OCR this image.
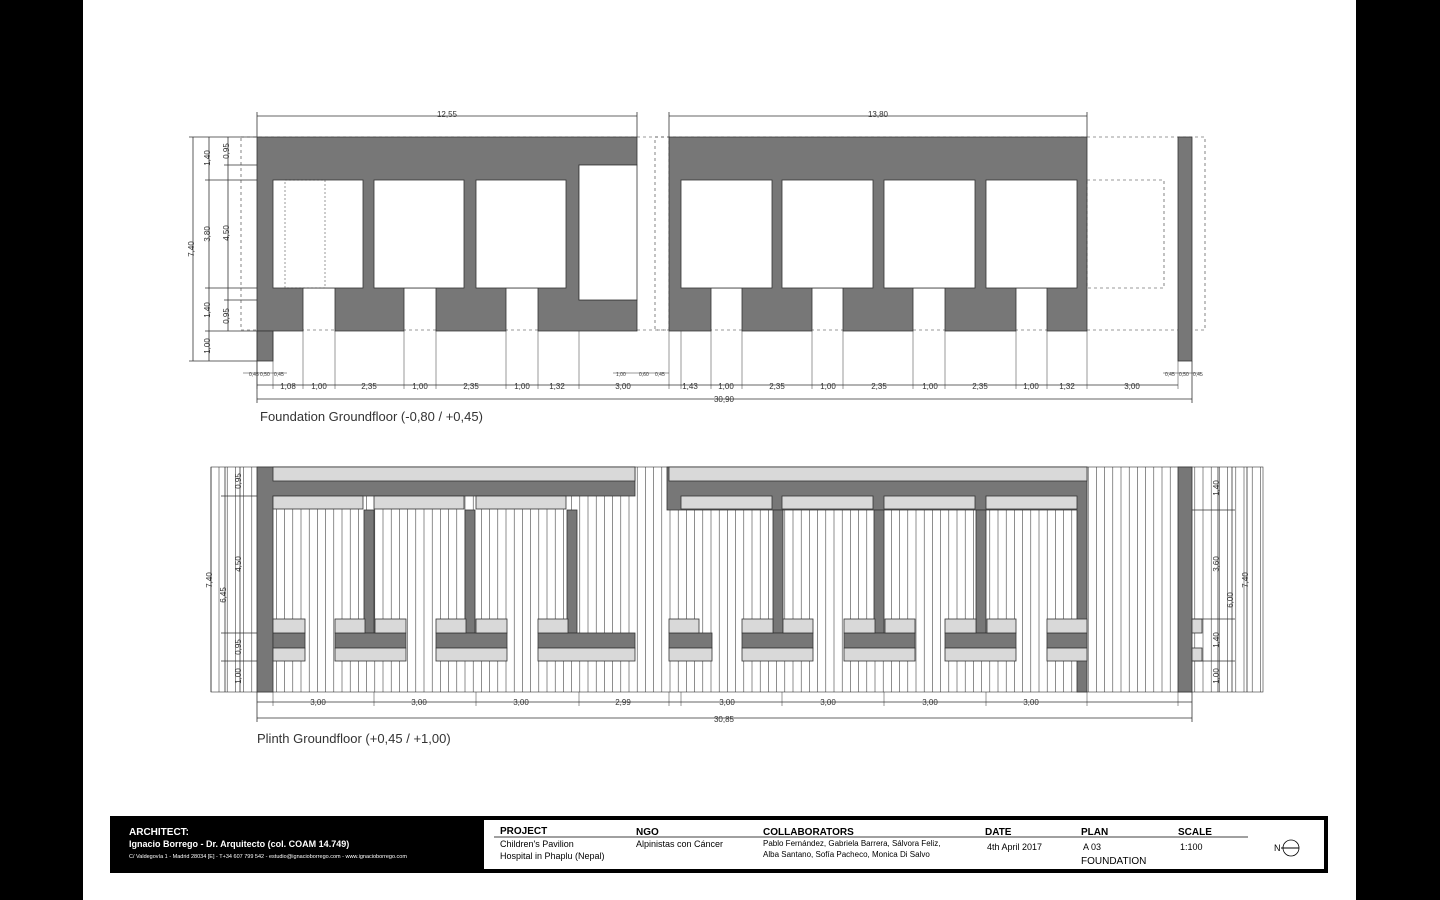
12,55	13,80
7,40
1,40
3,80
1,40
1,00
0,95
4,50
0,95
1,08 1,00	2,35	1,00	2,35	1,00 1,32	3,00	1,43	1,00	2,35	1,00	2,35	1,00	2,35	1,00	1,32	3,00
0,45 0,50 0,45	1,00	0,60 0,45	0,45 0,50 0,45
30,90
Foundation Groundfloor (-0,80 / +0,45)
7,40
6,45
0,95
4,50
0,95
1,00
1,40
3,60
1,40
1,00
6,00
7,40
3,00	3,00	3,00	2,99	3,00	3,00	3,00	3,00
30,85
Plinth Groundfloor (+0,45 / +1,00)
ARCHITECT:
Ignacio Borrego - Dr. Arquitecto (col. COAM 14.749)
C/ Valdegovía 1 - Madrid 28034 [E] - T+34 607 799 542 - estudio@ignacioborrego.com - www.ignacioborrego.com
PROJECT
Children's Pavilion
Hospital in Phaplu (Nepal)
NGO
Alpinistas con Cáncer
COLLABORATORS
Pablo Fernández, Gabriela Barrera, Sálvora Feliz,
Alba Santano, Sofía Pacheco, Monica Di Salvo
DATE
4th April 2017
PLAN
A 03
FOUNDATION
SCALE
1:100	N
